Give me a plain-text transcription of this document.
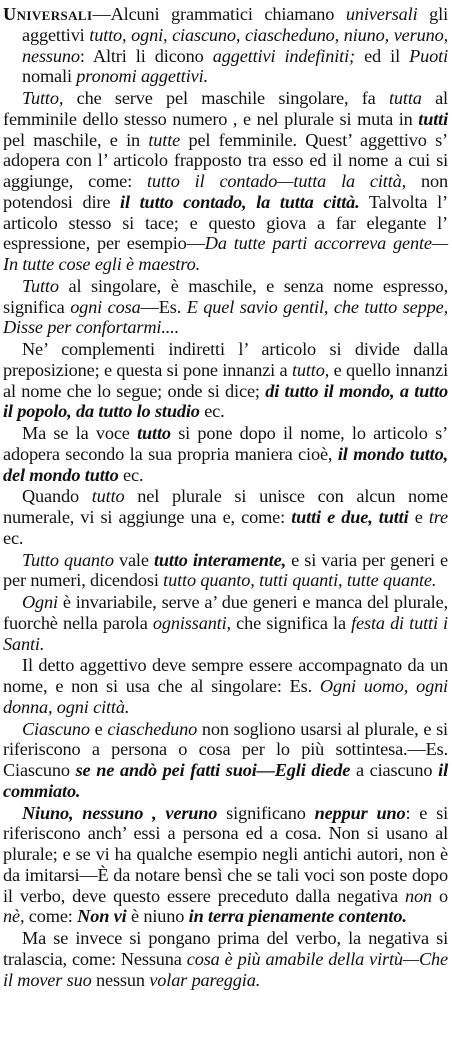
Universali—Alcuni grammatici chiamano universali gli aggettivi tutto, ogni, ciascuno, ciascheduno, niuno, veruno, nessuno: Altri li dicono aggettivi indefiniti; ed il Puoti nomali pronomi aggettivi.

Tutto, che serve pel maschile singolare, fa tutta al femminile dello stesso numero , e nel plurale si muta in tutti pel maschile, e in tutte pel femminile. Quest’ aggettivo s’ adopera con l’ articolo frapposto tra esso ed il nome a cui si aggiunge, come: tutto il contado—tutta la città, non potendosi dire il tutto contado, la tutta città. Talvolta l’ articolo stesso si tace; e questo giova a far elegante l’ espressione, per esempio—Da tutte parti accorreva gente—In tutte cose egli è maestro.

Tutto al singolare, è maschile, e senza nome espresso, significa ogni cosa—Es. E quel savio gentil, che tutto seppe, Disse per confortarmi....

Ne’ complementi indiretti l’ articolo si divide dalla preposizione; e questa si pone innanzi a tutto, e quello innanzi al nome che lo segue; onde si dice; di tutto il mondo, a tutto il popolo, da tutto lo studio ec.

Ma se la voce tutto si pone dopo il nome, lo articolo s’ adopera secondo la sua propria maniera cioè, il mondo tutto, del mondo tutto ec.

Quando tutto nel plurale si unisce con alcun nome numerale, vi si aggiunge una e, come: tutti e due, tutti e tre ec.

Tutto quanto vale tutto interamente, e si varia per generi e per numeri, dicendosi tutto quanto, tutti quanti, tutte quante.

Ogni è invariabile, serve a’ due generi e manca del plurale, fuorchè nella parola ognissanti, che significa la festa di tutti i Santi.

Il detto aggettivo deve sempre essere accompagnato da un nome, e non si usa che al singolare: Es. Ogni uomo, ogni donna, ogni città.

Ciascuno e ciascheduno non sogliono usarsi al plurale, e si riferiscono a persona o cosa per lo più sottintesa.—Es. Ciascuno se ne andò pei fatti suoi—Egli diede a ciascuno il commiato.

Niuno, nessuno , veruno significano neppur uno: e si riferiscono anch’ essi a persona ed a cosa. Non si usano al plurale; e se vi ha qualche esempio negli antichi autori, non è da imitarsi—È da notare bensì che se tali voci son poste dopo il verbo, deve questo essere preceduto dalla negativa non o nè, come: Non vi è niuno in terra pienamente contento.

Ma se invece si pongano prima del verbo, la negativa si tralascia, come: Nessuna cosa è più amabile della virtù—Che il mover suo nessun volar pareggia.
